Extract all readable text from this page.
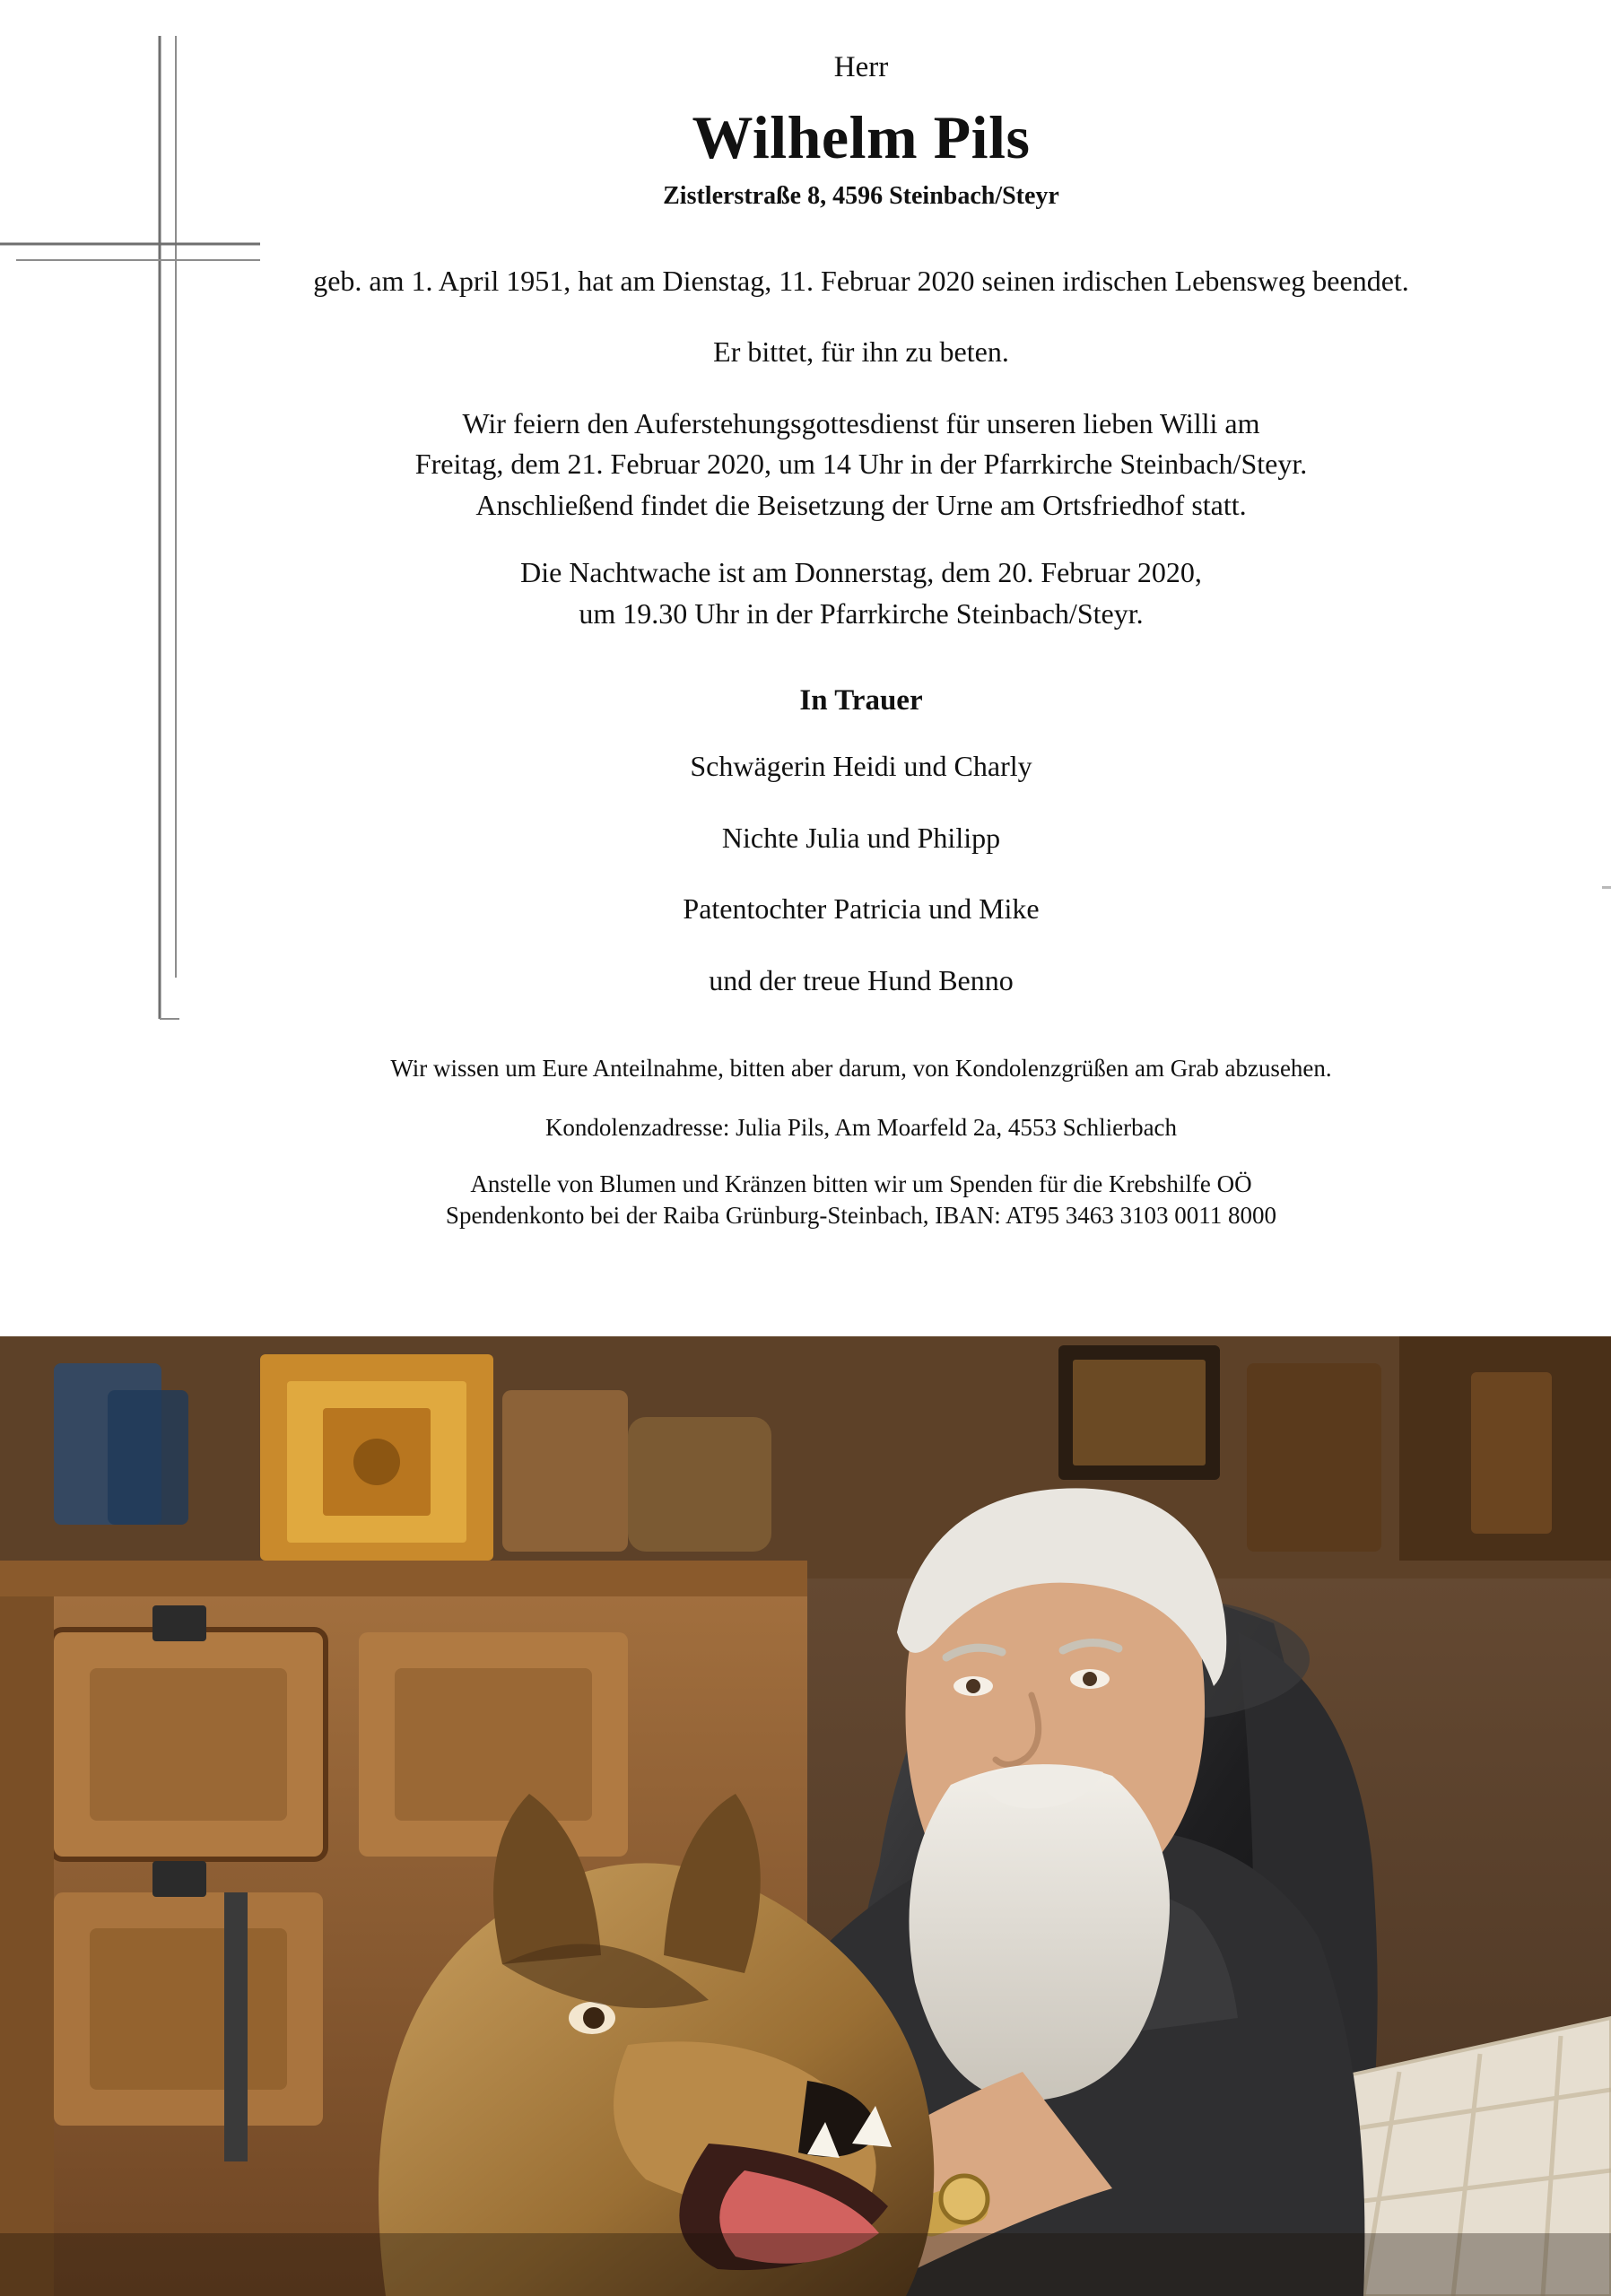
Herr

Wilhelm Pils

Zistlerstraße 8, 4596 Steinbach/Steyr

geb. am 1. April 1951, hat am Dienstag, 11. Februar 2020 seinen irdischen Lebensweg beendet.

Er bittet, für ihn zu beten.

Wir feiern den Auferstehungsgottesdienst für unseren lieben Willi am
Freitag, dem 21. Februar 2020, um 14 Uhr in der Pfarrkirche Steinbach/Steyr.
Anschließend findet die Beisetzung der Urne am Ortsfriedhof statt.

Die Nachtwache ist am Donnerstag, dem 20. Februar 2020,
um 19.30 Uhr in der Pfarrkirche Steinbach/Steyr.

In Trauer

Schwägerin Heidi und Charly

Nichte Julia und Philipp

Patentochter Patricia und Mike

und der treue Hund Benno

Wir wissen um Eure Anteilnahme, bitten aber darum, von Kondolenzgrüßen am Grab abzusehen.

Kondolenzadresse: Julia Pils, Am Moarfeld 2a, 4553 Schlierbach

Anstelle von Blumen und Kränzen bitten wir um Spenden für die Krebshilfe OÖ
Spendenkonto bei der Raiba Grünburg-Steinbach, IBAN: AT95 3463 3103 0011 8000
